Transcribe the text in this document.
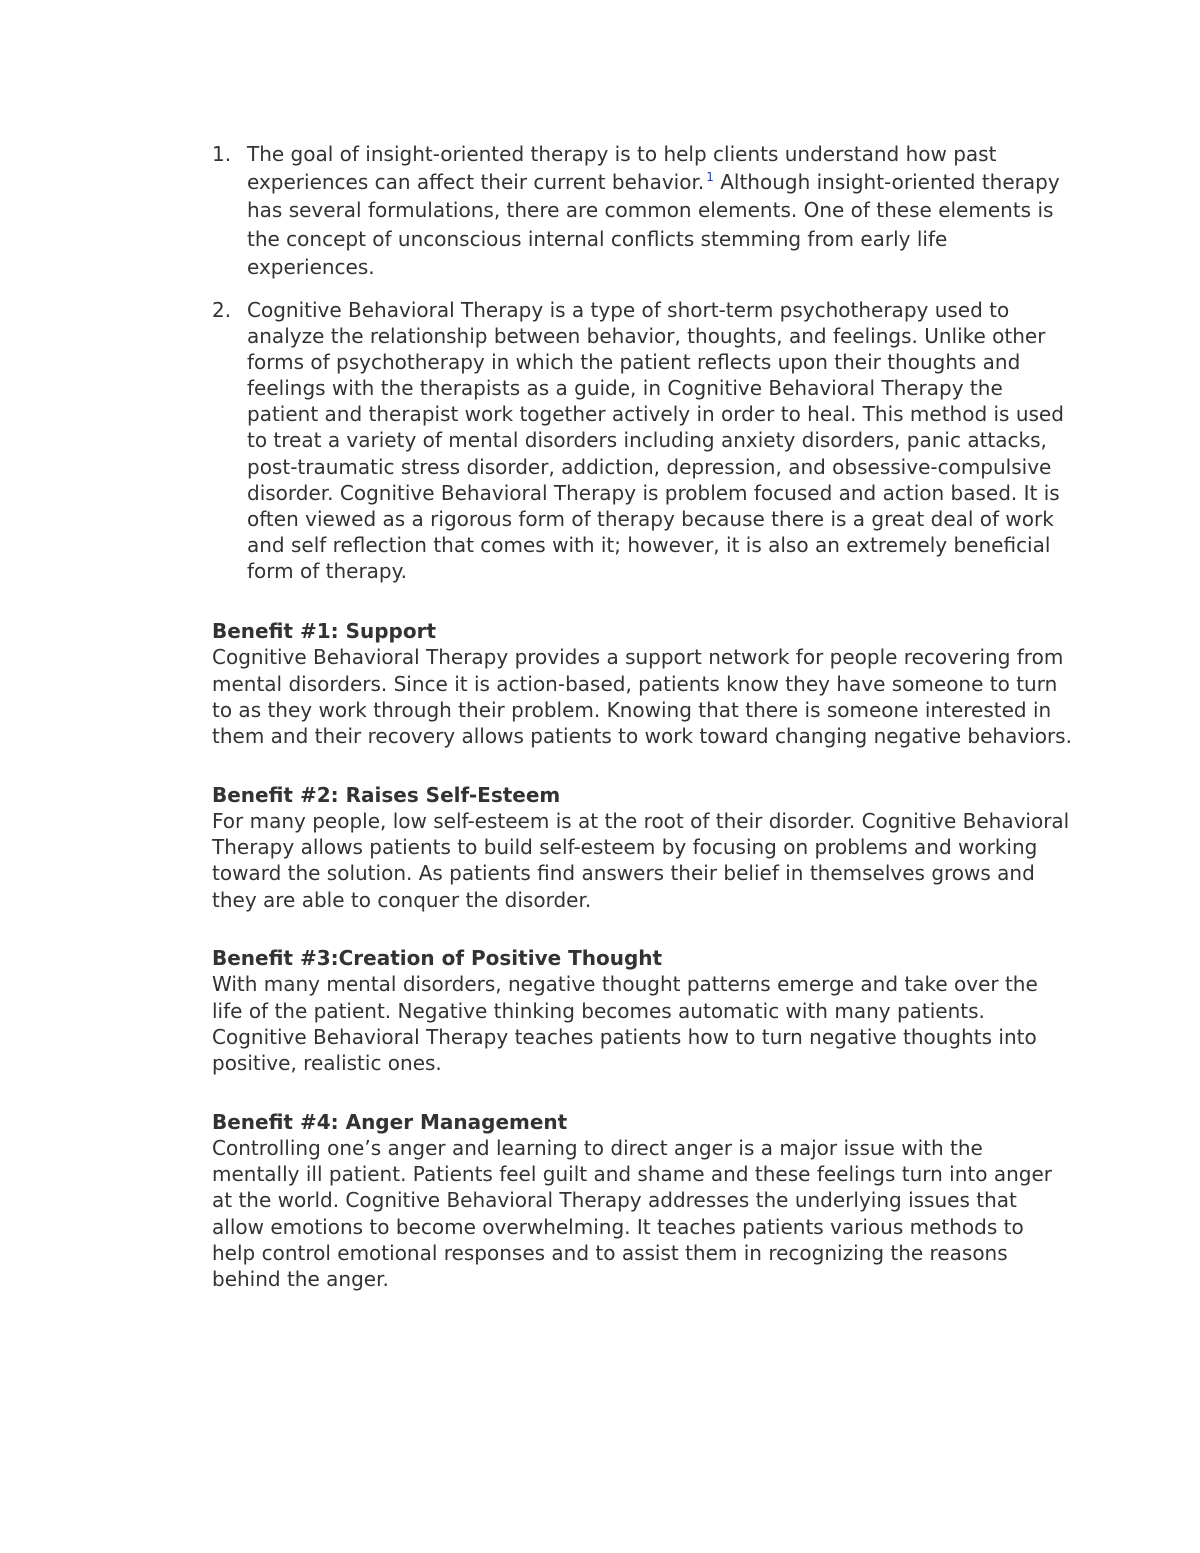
1. The goal of insight-oriented therapy is to help clients understand how past experiences can affect their current behavior. $^1$ Although insight-oriented therapy has several formulations, there are common elements. One of these elements is the concept of unconscious internal conflicts stemming from early life experiences.
2. Cognitive Behavioral Therapy is a type of short-term psychotherapy used to analyze the relationship between behavior, thoughts, and feelings. Unlike other forms of psychotherapy in which the patient reflects upon their thoughts and feelings with the therapists as a guide, in Cognitive Behavioral Therapy the patient and therapist work together actively in order to heal. This method is used to treat a variety of mental disorders including anxiety disorders, panic attacks, post-traumatic stress disorder, addiction, depression, and obsessive-compulsive disorder. Cognitive Behavioral Therapy is problem focused and action based. It is often viewed as a rigorous form of therapy because there is a great deal of work and self reflection that comes with it; however, it is also an extremely beneficial form of therapy.
Benefit #1: Support
Cognitive Behavioral Therapy provides a support network for people recovering from mental disorders. Since it is action-based, patients know they have someone to turn to as they work through their problem. Knowing that there is someone interested in them and their recovery allows patients to work toward changing negative behaviors.
Benefit #2: Raises Self-Esteem
For many people, low self-esteem is at the root of their disorder. Cognitive Behavioral Therapy allows patients to build self-esteem by focusing on problems and working toward the solution. As patients find answers their belief in themselves grows and they are able to conquer the disorder.
Benefit #3:Creation of Positive Thought
With many mental disorders, negative thought patterns emerge and take over the life of the patient. Negative thinking becomes automatic with many patients. Cognitive Behavioral Therapy teaches patients how to turn negative thoughts into positive, realistic ones.
Benefit #4: Anger Management
Controlling one’s anger and learning to direct anger is a major issue with the mentally ill patient. Patients feel guilt and shame and these feelings turn into anger at the world. Cognitive Behavioral Therapy addresses the underlying issues that allow emotions to become overwhelming. It teaches patients various methods to help control emotional responses and to assist them in recognizing the reasons behind the anger.
